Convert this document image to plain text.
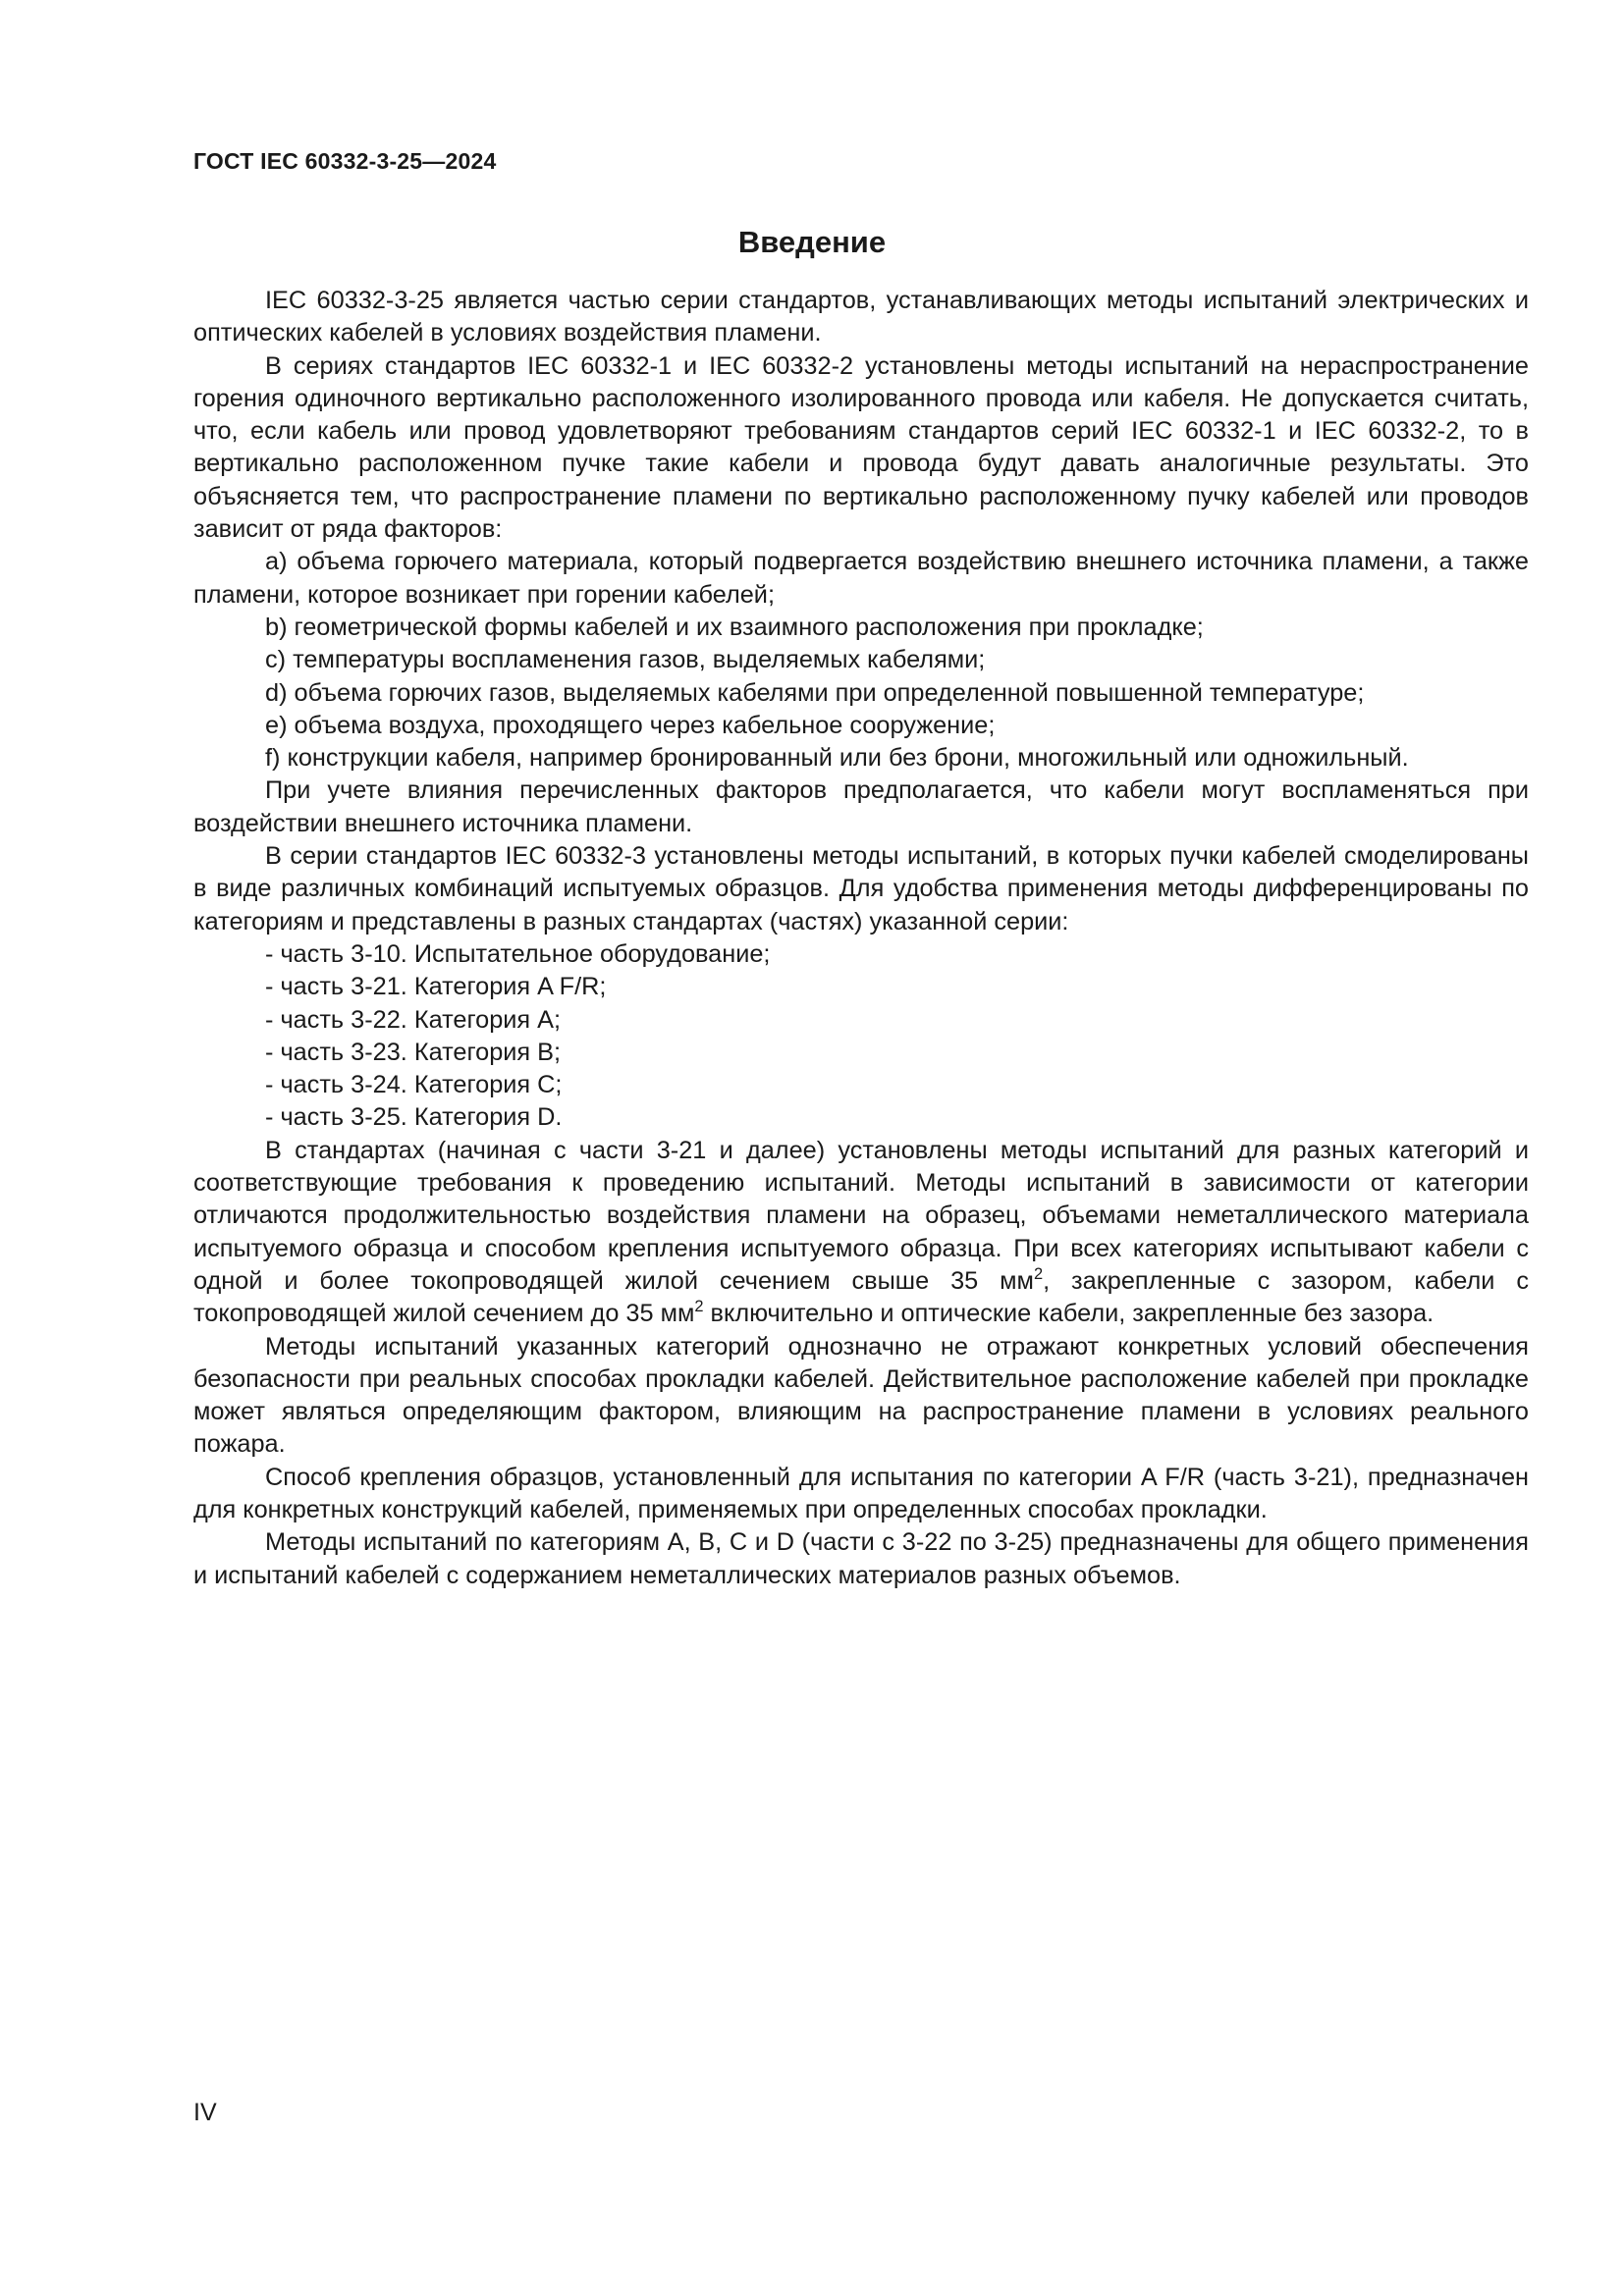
ГОСТ IEC 60332-3-25—2024
Введение

IEC 60332-3-25 является частью серии стандартов, устанавливающих методы испытаний электрических и оптических кабелей в условиях воздействия пламени.

В сериях стандартов IEC 60332-1 и IEC 60332-2 установлены методы испытаний на нераспространение горения одиночного вертикально расположенного изолированного провода или кабеля. Не допускается считать, что, если кабель или провод удовлетворяют требованиям стандартов серий IEC 60332-1 и IEC 60332-2, то в вертикально расположенном пучке такие кабели и провода будут давать аналогичные результаты. Это объясняется тем, что распространение пламени по вертикально расположенному пучку кабелей или проводов зависит от ряда факторов:

a) объема горючего материала, который подвергается воздействию внешнего источника пламени, а также пламени, которое возникает при горении кабелей;

b) геометрической формы кабелей и их взаимного расположения при прокладке;

c) температуры воспламенения газов, выделяемых кабелями;

d) объема горючих газов, выделяемых кабелями при определенной повышенной температуре;

e) объема воздуха, проходящего через кабельное сооружение;

f) конструкции кабеля, например бронированный или без брони, многожильный или одножильный.

При учете влияния перечисленных факторов предполагается, что кабели могут воспламеняться при воздействии внешнего источника пламени.

В серии стандартов IEC 60332-3 установлены методы испытаний, в которых пучки кабелей смоделированы в виде различных комбинаций испытуемых образцов. Для удобства применения методы дифференцированы по категориям и представлены в разных стандартах (частях) указанной серии:

- часть 3-10. Испытательное оборудование;

- часть 3-21. Категория A F/R;

- часть 3-22. Категория А;

- часть 3-23. Категория В;

- часть 3-24. Категория С;

- часть 3-25. Категория D.

В стандартах (начиная с части 3-21 и далее) установлены методы испытаний для разных категорий и соответствующие требования к проведению испытаний. Методы испытаний в зависимости от категории отличаются продолжительностью воздействия пламени на образец, объемами неметаллического материала испытуемого образца и способом крепления испытуемого образца. При всех категориях испытывают кабели с одной и более токопроводящей жилой сечением свыше 35 $мм^2$, закрепленные с зазором, кабели с токопроводящей жилой сечением до 35 $мм^2$ включительно и оптические кабели, закрепленные без зазора.

Методы испытаний указанных категорий однозначно не отражают конкретных условий обеспечения безопасности при реальных способах прокладки кабелей. Действительное расположение кабелей при прокладке может являться определяющим фактором, влияющим на распространение пламени в условиях реального пожара.

Способ крепления образцов, установленный для испытания по категории A F/R (часть 3-21), предназначен для конкретных конструкций кабелей, применяемых при определенных способах прокладки.

Методы испытаний по категориям A, B, C и D (части с 3-22 по 3-25) предназначены для общего применения и испытаний кабелей с содержанием неметаллических материалов разных объемов.

IV
